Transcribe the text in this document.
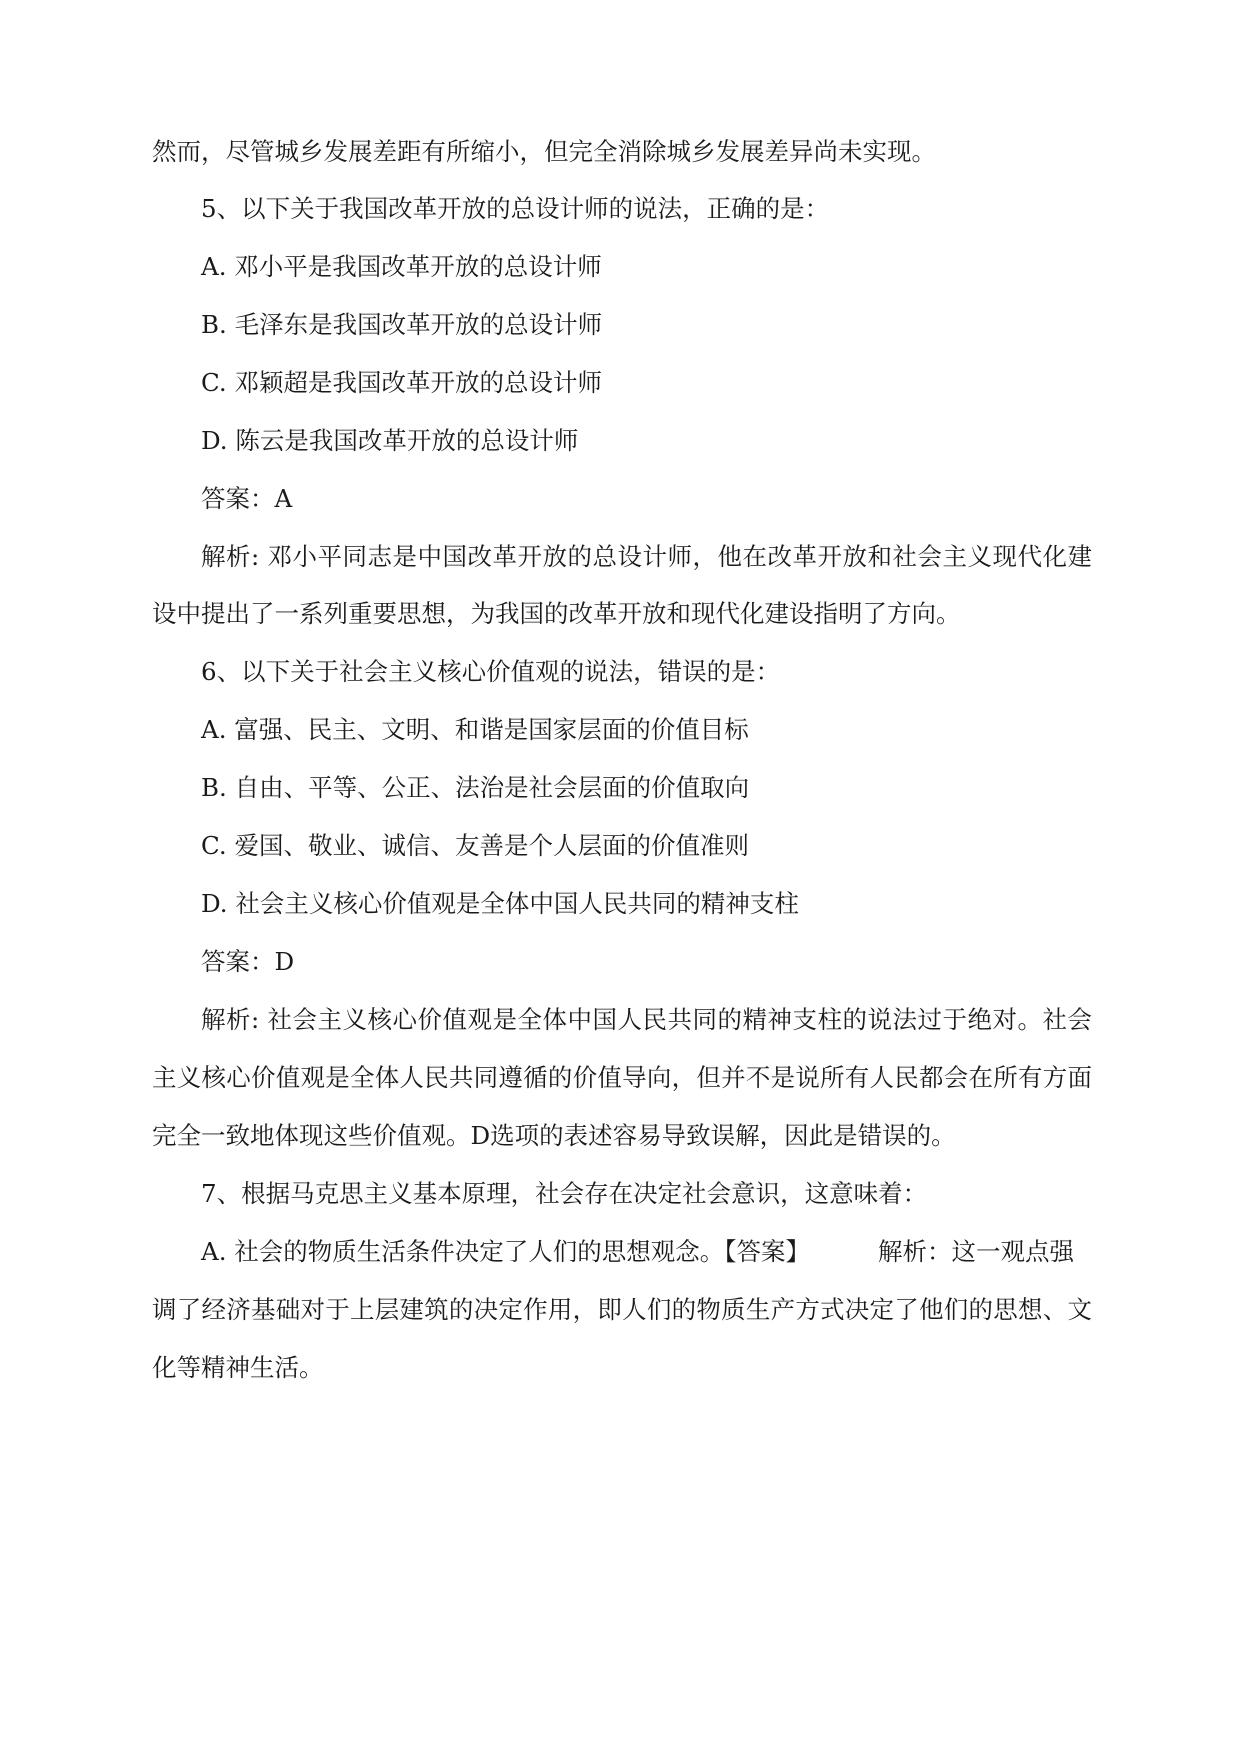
然而，尽管城乡发展差距有所缩小，但完全消除城乡发展差异尚未实现。
5、以下关于我国改革开放的总设计师的说法，正确的是：
A. 邓小平是我国改革开放的总设计师
B. 毛泽东是我国改革开放的总设计师
C. 邓颖超是我国改革开放的总设计师
D. 陈云是我国改革开放的总设计师
答案：A
解析: 邓小平同志是中国改革开放的总设计师，他在改革开放和社会主义现代化建
设中提出了一系列重要思想，为我国的改革开放和现代化建设指明了方向。
6、以下关于社会主义核心价值观的说法，错误的是：
A. 富强、民主、文明、和谐是国家层面的价值目标
B. 自由、平等、公正、法治是社会层面的价值取向
C. 爱国、敬业、诚信、友善是个人层面的价值准则
D. 社会主义核心价值观是全体中国人民共同的精神支柱
答案：D
解析: 社会主义核心价值观是全体中国人民共同的精神支柱的说法过于绝对。社会
主义核心价值观是全体人民共同遵循的价值导向，但并不是说所有人民都会在所有方面
完全一致地体现这些价值观。D选项的表述容易导致误解，因此是错误的。
7、根据马克思主义基本原理，社会存在决定社会意识，这意味着：
A. 社会的物质生活条件决定了人们的思想观念。【答案】	解析：这一观点强
调了经济基础对于上层建筑的决定作用，即人们的物质生产方式决定了他们的思想、文
化等精神生活。
